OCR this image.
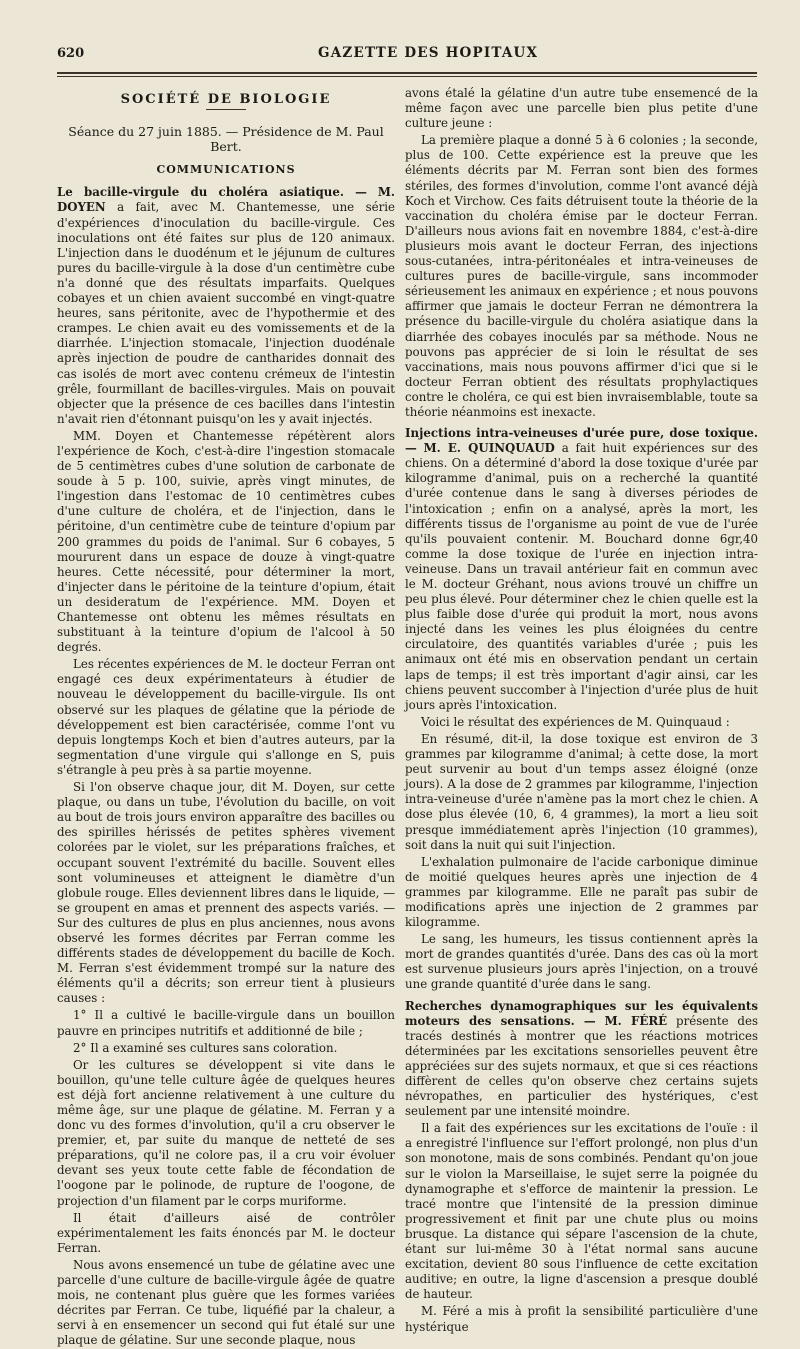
620	GAZETTE DES HOPITAUX
SOCIÉTÉ DE BIOLOGIE
Séance du 27 juin 1885. — Présidence de M. Paul Bert.
COMMUNICATIONS

Le bacille-virgule du choléra asiatique. — M. DOYEN a fait, avec M. Chantemesse, une série d'expériences d'inoculation du bacille-virgule. Ces inoculations ont été faites sur plus de 120 animaux. L'injection dans le duodénum et le jéjunum de cultures pures du bacille-virgule à la dose d'un centimètre cube n'a donné que des résultats imparfaits. Quelques cobayes et un chien avaient succombé en vingt-quatre heures, sans péritonite, avec de l'hypothermie et des crampes. Le chien avait eu des vomissements et de la diarrhée. L'injection stomacale, l'injection duodénale après injection de poudre de cantharides donnait des cas isolés de mort avec contenu crémeux de l'intestin grêle, fourmillant de bacilles-virgules. Mais on pouvait objecter que la présence de ces bacilles dans l'intestin n'avait rien d'étonnant puisqu'on les y avait injectés.

MM. Doyen et Chantemesse répétèrent alors l'expérience de Koch, c'est-à-dire l'ingestion stomacale de 5 centimètres cubes d'une solution de carbonate de soude à 5 p. 100, suivie, après vingt minutes, de l'ingestion dans l'estomac de 10 centimètres cubes d'une culture de choléra, et de l'injection, dans le péritoine, d'un centimètre cube de teinture d'opium par 200 grammes du poids de l'animal. Sur 6 cobayes, 5 moururent dans un espace de douze à vingt-quatre heures. Cette nécessité, pour déterminer la mort, d'injecter dans le péritoine de la teinture d'opium, était un desideratum de l'expérience. MM. Doyen et Chantemesse ont obtenu les mêmes résultats en substituant à la teinture d'opium de l'alcool à 50 degrés.

Les récentes expériences de M. le docteur Ferran ont engagé ces deux expérimentateurs à étudier de nouveau le développement du bacille-virgule. Ils ont observé sur les plaques de gélatine que la période de développement est bien caractérisée, comme l'ont vu depuis longtemps Koch et bien d'autres auteurs, par la segmentation d'une virgule qui s'allonge en S, puis s'étrangle à peu près à sa partie moyenne.

Si l'on observe chaque jour, dit M. Doyen, sur cette plaque, ou dans un tube, l'évolution du bacille, on voit au bout de trois jours environ apparaître des bacilles ou des spirilles hérissés de petites sphères vivement colorées par le violet, sur les préparations fraîches, et occupant souvent l'extrémité du bacille. Souvent elles sont volumineuses et atteignent le diamètre d'un globule rouge. Elles deviennent libres dans le liquide, — se groupent en amas et prennent des aspects variés. — Sur des cultures de plus en plus anciennes, nous avons observé les formes décrites par Ferran comme les différents stades de développement du bacille de Koch. M. Ferran s'est évidemment trompé sur la nature des éléments qu'il a décrits; son erreur tient à plusieurs causes :

1° Il a cultivé le bacille-virgule dans un bouillon pauvre en principes nutritifs et additionné de bile ;

2° Il a examiné ses cultures sans coloration.

Or les cultures se développent si vite dans le bouillon, qu'une telle culture âgée de quelques heures est déjà fort ancienne relativement à une culture du même âge, sur une plaque de gélatine. M. Ferran y a donc vu des formes d'involution, qu'il a cru observer le premier, et, par suite du manque de netteté de ses préparations, qu'il ne colore pas, il a cru voir évoluer devant ses yeux toute cette fable de fécondation de l'oogone par le polinode, de rupture de l'oogone, de projection d'un filament par le corps muriforme.

Il était d'ailleurs aisé de contrôler expérimentalement les faits énoncés par M. le docteur Ferran.

Nous avons ensemencé un tube de gélatine avec une parcelle d'une culture de bacille-virgule âgée de quatre mois, ne contenant plus guère que les formes variées décrites par Ferran. Ce tube, liquéfié par la chaleur, a servi à en ensemencer un second qui fut étalé sur une plaque de gélatine. Sur une seconde plaque, nous

avons étalé la gélatine d'un autre tube ensemencé de la même façon avec une parcelle bien plus petite d'une culture jeune :

La première plaque a donné 5 à 6 colonies ; la seconde, plus de 100. Cette expérience est la preuve que les éléments décrits par M. Ferran sont bien des formes stériles, des formes d'involution, comme l'ont avancé déjà Koch et Virchow. Ces faits détruisent toute la théorie de la vaccination du choléra émise par le docteur Ferran. D'ailleurs nous avions fait en novembre 1884, c'est-à-dire plusieurs mois avant le docteur Ferran, des injections sous-cutanées, intra-péritonéales et intra-veineuses de cultures pures de bacille-virgule, sans incommoder sérieusement les animaux en expérience ; et nous pouvons affirmer que jamais le docteur Ferran ne démontrera la présence du bacille-virgule du choléra asiatique dans la diarrhée des cobayes inoculés par sa méthode. Nous ne pouvons pas apprécier de si loin le résultat de ses vaccinations, mais nous pouvons affirmer d'ici que si le docteur Ferran obtient des résultats prophylactiques contre le choléra, ce qui est bien invraisemblable, toute sa théorie néanmoins est inexacte.

Injections intra-veineuses d'urée pure, dose toxique. — M. E. QUINQUAUD a fait huit expériences sur des chiens. On a déterminé d'abord la dose toxique d'urée par kilogramme d'animal, puis on a recherché la quantité d'urée contenue dans le sang à diverses périodes de l'intoxication ; enfin on a analysé, après la mort, les différents tissus de l'organisme au point de vue de l'urée qu'ils pouvaient contenir. M. Bouchard donne 6gr,40 comme la dose toxique de l'urée en injection intra-veineuse. Dans un travail antérieur fait en commun avec le M. docteur Gréhant, nous avions trouvé un chiffre un peu plus élevé. Pour déterminer chez le chien quelle est la plus faible dose d'urée qui produit la mort, nous avons injecté dans les veines les plus éloignées du centre circulatoire, des quantités variables d'urée ; puis les animaux ont été mis en observation pendant un certain laps de temps; il est très important d'agir ainsi, car les chiens peuvent succomber à l'injection d'urée plus de huit jours après l'intoxication.

Voici le résultat des expériences de M. Quinquaud :

En résumé, dit-il, la dose toxique est environ de 3 grammes par kilogramme d'animal; à cette dose, la mort peut survenir au bout d'un temps assez éloigné (onze jours). A la dose de 2 grammes par kilogramme, l'injection intra-veineuse d'urée n'amène pas la mort chez le chien. A dose plus élevée (10, 6, 4 grammes), la mort a lieu soit presque immédiatement après l'injection (10 grammes), soit dans la nuit qui suit l'injection.

L'exhalation pulmonaire de l'acide carbonique diminue de moitié quelques heures après une injection de 4 grammes par kilogramme. Elle ne paraît pas subir de modifications après une injection de 2 grammes par kilogramme.

Le sang, les humeurs, les tissus contiennent après la mort de grandes quantités d'urée. Dans des cas où la mort est survenue plusieurs jours après l'injection, on a trouvé une grande quantité d'urée dans le sang.

Recherches dynamographiques sur les équivalents moteurs des sensations. — M. FÉRÉ présente des tracés destinés à montrer que les réactions motrices déterminées par les excitations sensorielles peuvent être appréciées sur des sujets normaux, et que si ces réactions diffèrent de celles qu'on observe chez certains sujets névropathes, en particulier des hystériques, c'est seulement par une intensité moindre.

Il a fait des expériences sur les excitations de l'ouïe : il a enregistré l'influence sur l'effort prolongé, non plus d'un son monotone, mais de sons combinés. Pendant qu'on joue sur le violon la Marseillaise, le sujet serre la poignée du dynamographe et s'efforce de maintenir la pression. Le tracé montre que l'intensité de la pression diminue progressivement et finit par une chute plus ou moins brusque. La distance qui sépare l'ascension de la chute, étant sur lui-même 30 à l'état normal sans aucune excitation, devient 80 sous l'influence de cette excitation auditive; en outre, la ligne d'ascension a presque doublé de hauteur.

M. Féré a mis à profit la sensibilité particulière d'une hystérique
